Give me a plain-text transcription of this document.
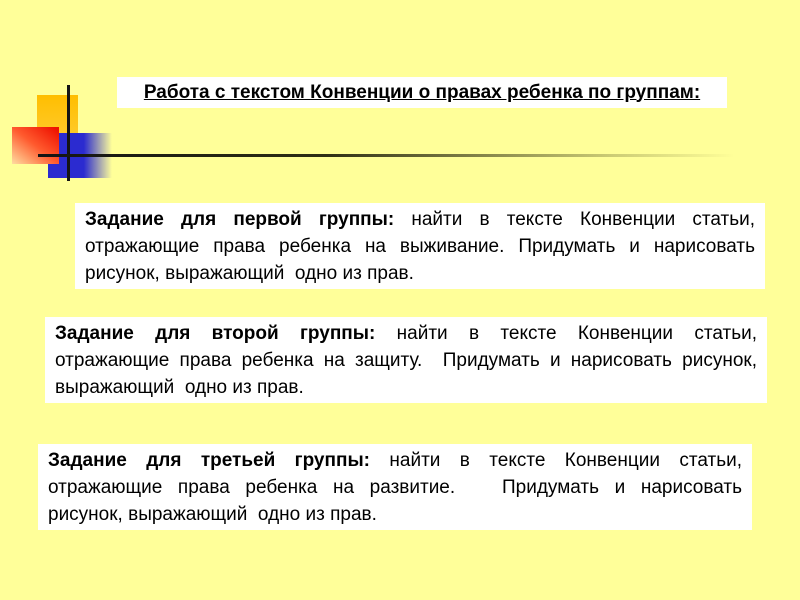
Работа с текстом Конвенции о правах ребенка по группам:
Задание для первой группы: найти в тексте Конвенции статьи,
отражающие права ребенка на выживание. Придумать и нарисовать
рисунок, выражающий  одно из прав.
Задание для второй группы: найти в тексте Конвенции статьи,
отражающие права ребенка на защиту.  Придумать и нарисовать рисунок,
выражающий  одно из прав.
Задание для третьей группы: найти в тексте Конвенции статьи,
отражающие права ребенка на развитие.   Придумать и нарисовать
рисунок, выражающий  одно из прав.
